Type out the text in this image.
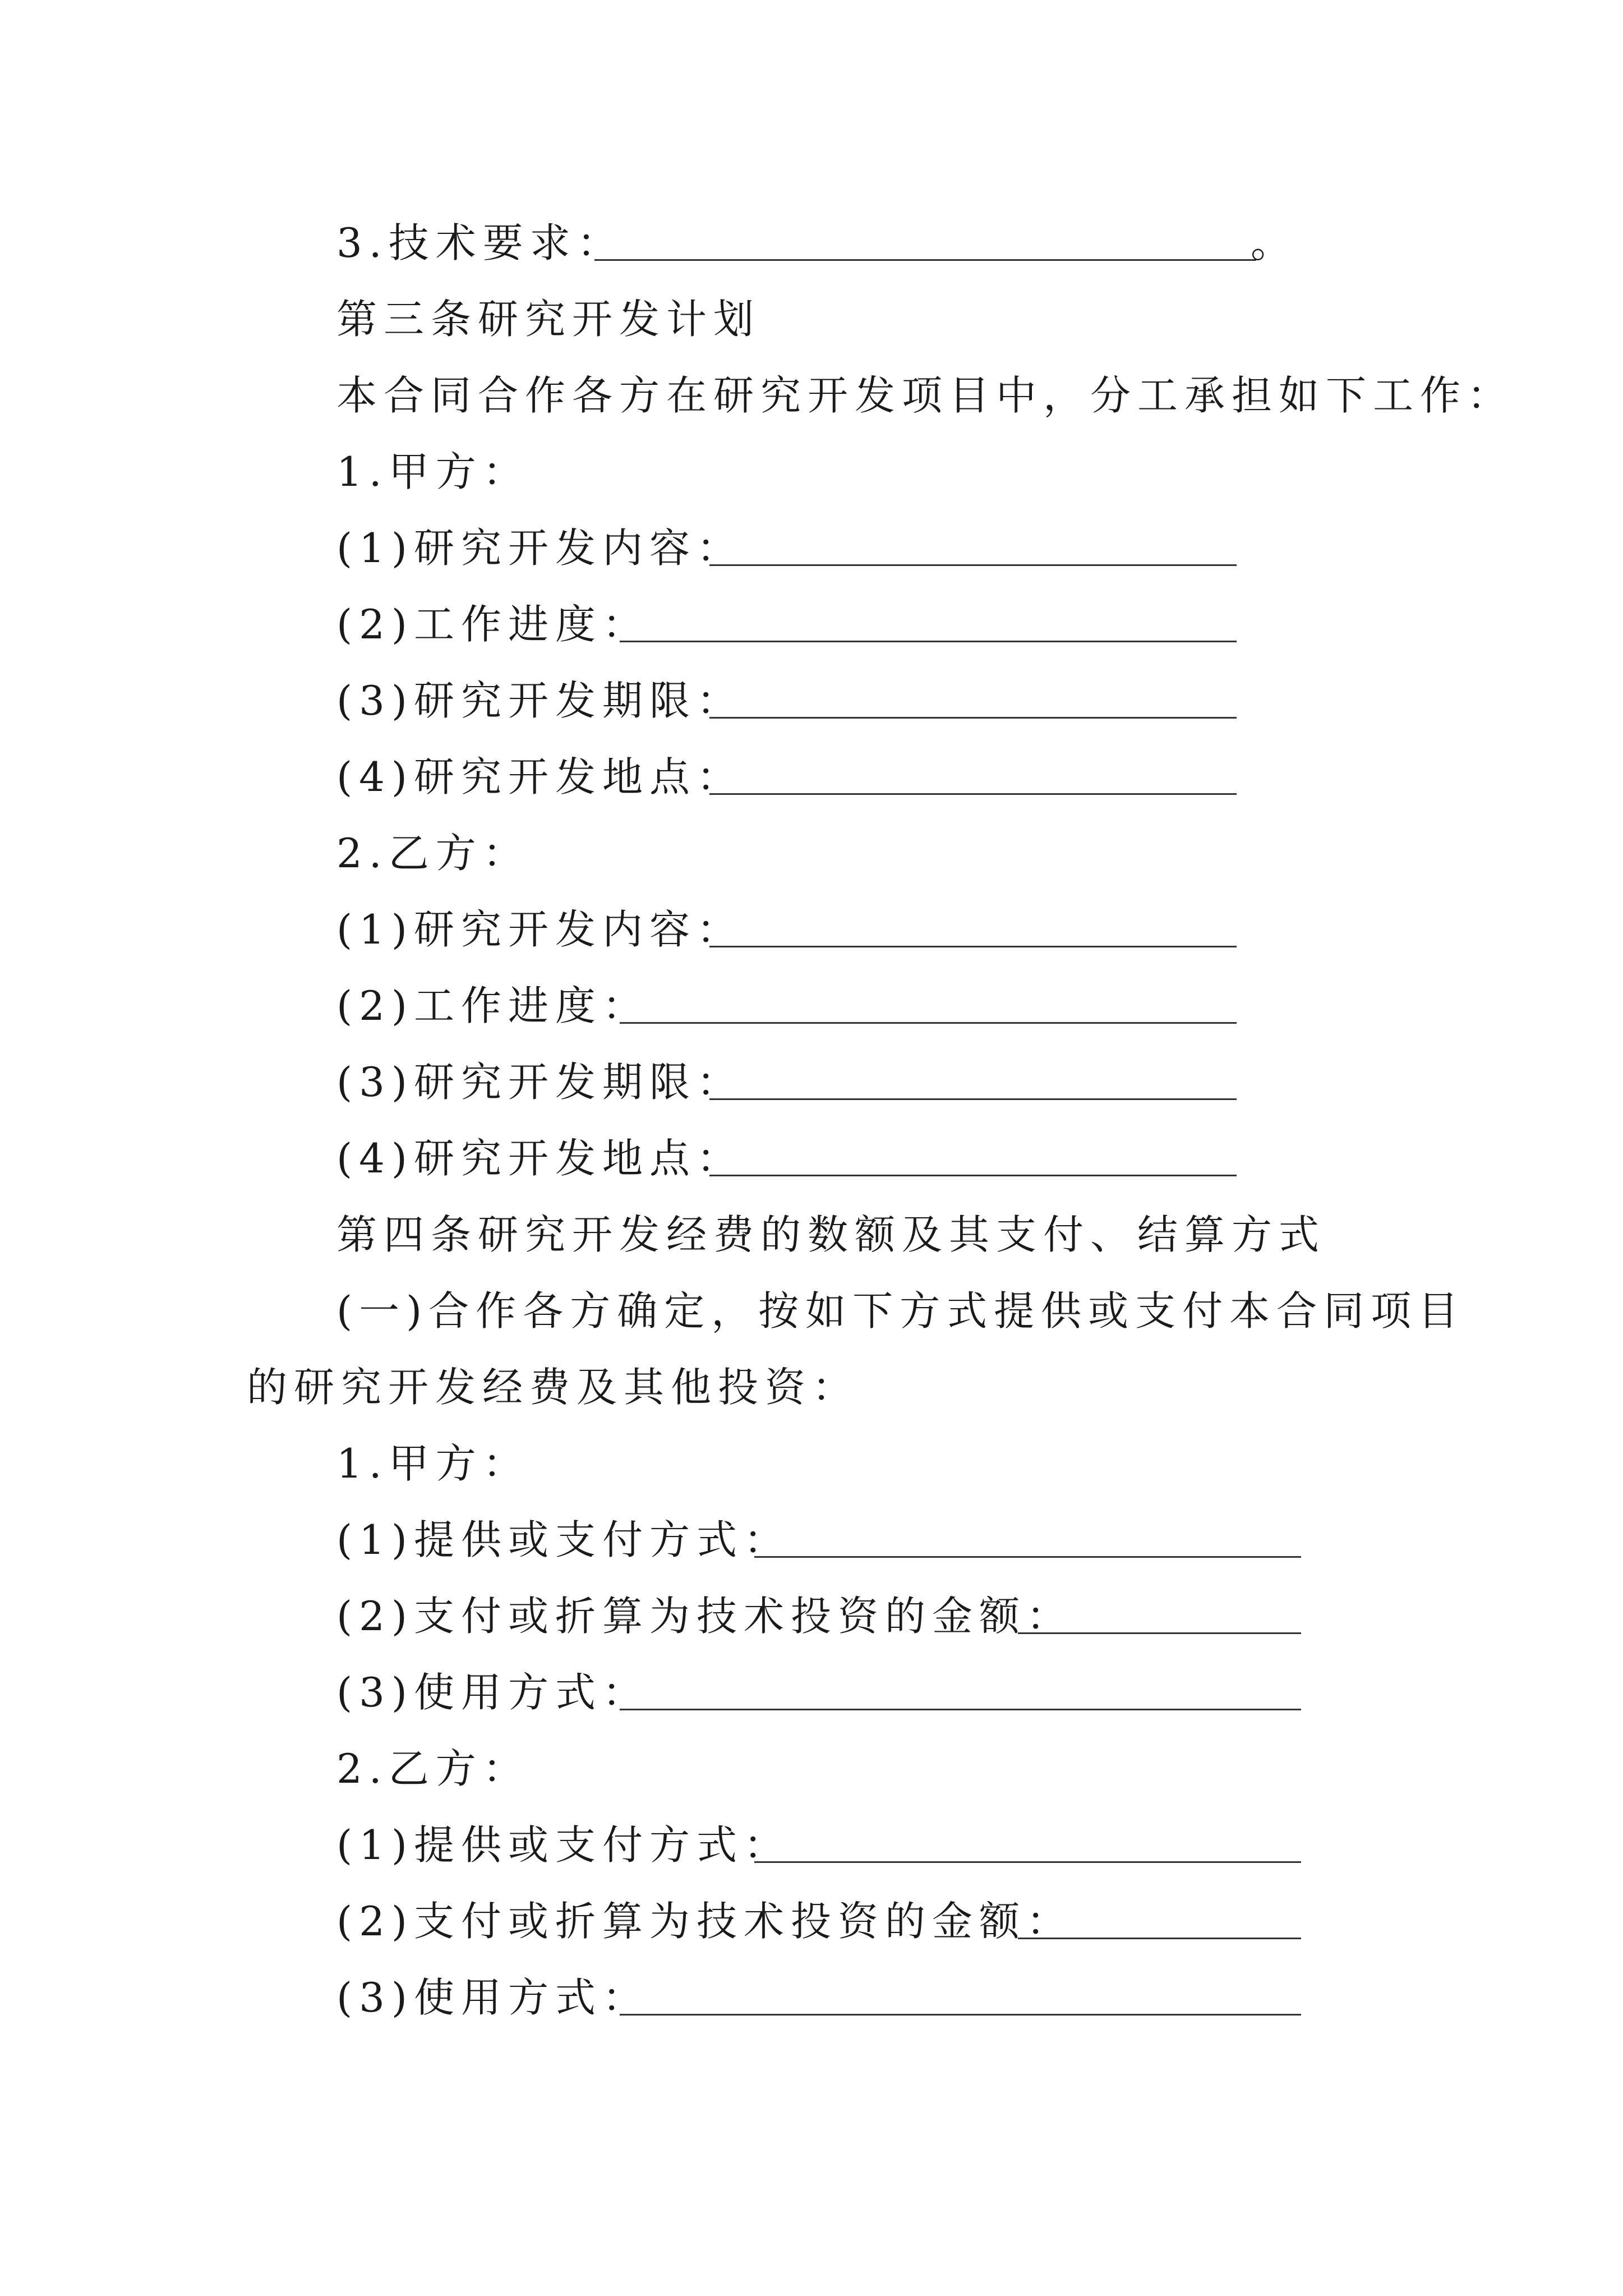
3.技术要求：	。
第三条研究开发计划
本合同合作各方在研究开发项目中，分工承担如下工作：
1.甲方：
(1)研究开发内容：
(2)工作进度：
(3)研究开发期限：
(4)研究开发地点：
2.乙方：
(1)研究开发内容：
(2)工作进度：
(3)研究开发期限：
(4)研究开发地点：
第四条研究开发经费的数额及其支付、结算方式
(一)合作各方确定，按如下方式提供或支付本合同项目
的研究开发经费及其他投资：
1.甲方：
(1)提供或支付方式：
(2)支付或折算为技术投资的金额：
(3)使用方式：
2.乙方：
(1)提供或支付方式：
(2)支付或折算为技术投资的金额：
(3)使用方式：
